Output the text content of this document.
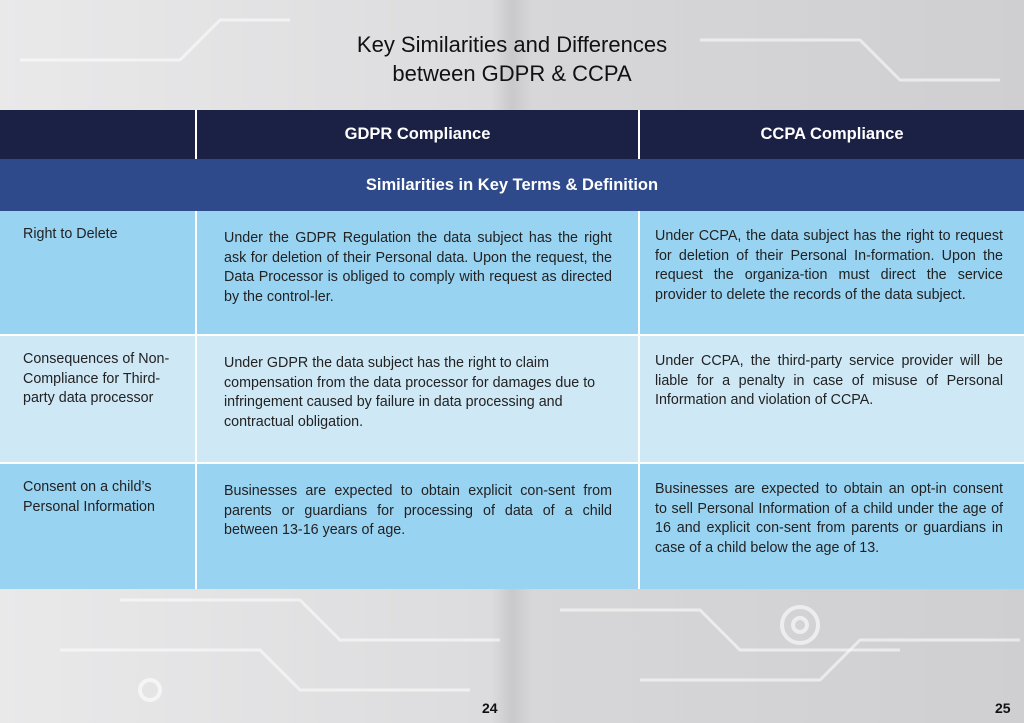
Key Similarities and Differences
between GDPR & CCPA
	GDPR Compliance	CCPA Compliance
Similarities in Key Terms & Definition		
Right to Delete	Under the GDPR Regulation the data subject has the right ask for deletion of their Personal data. Upon the request, the Data Processor is obliged to comply with request as directed by the control-ler.	Under CCPA, the data subject has the right to request for deletion of their Personal In-formation. Upon the request the organiza-tion must direct the service provider to delete the records of the data subject.
Consequences of Non-Compliance for Third-party data processor	Under GDPR the data subject has the right to claim compensation from the data processor for damages due to infringement caused by failure in data processing and contractual obligation.	Under CCPA, the third-party service provider will be liable for a penalty in case of misuse of Personal Information and violation of CCPA.
Consent on a child’s Personal Information	Businesses are expected to obtain explicit con-sent from parents or guardians for processing of data of a child between 13-16 years of age.	Businesses are expected to obtain an opt-in consent to sell Personal Information of a child under the age of 16 and explicit con-sent from parents or guardians in case of a child below the age of 13.
24	25
